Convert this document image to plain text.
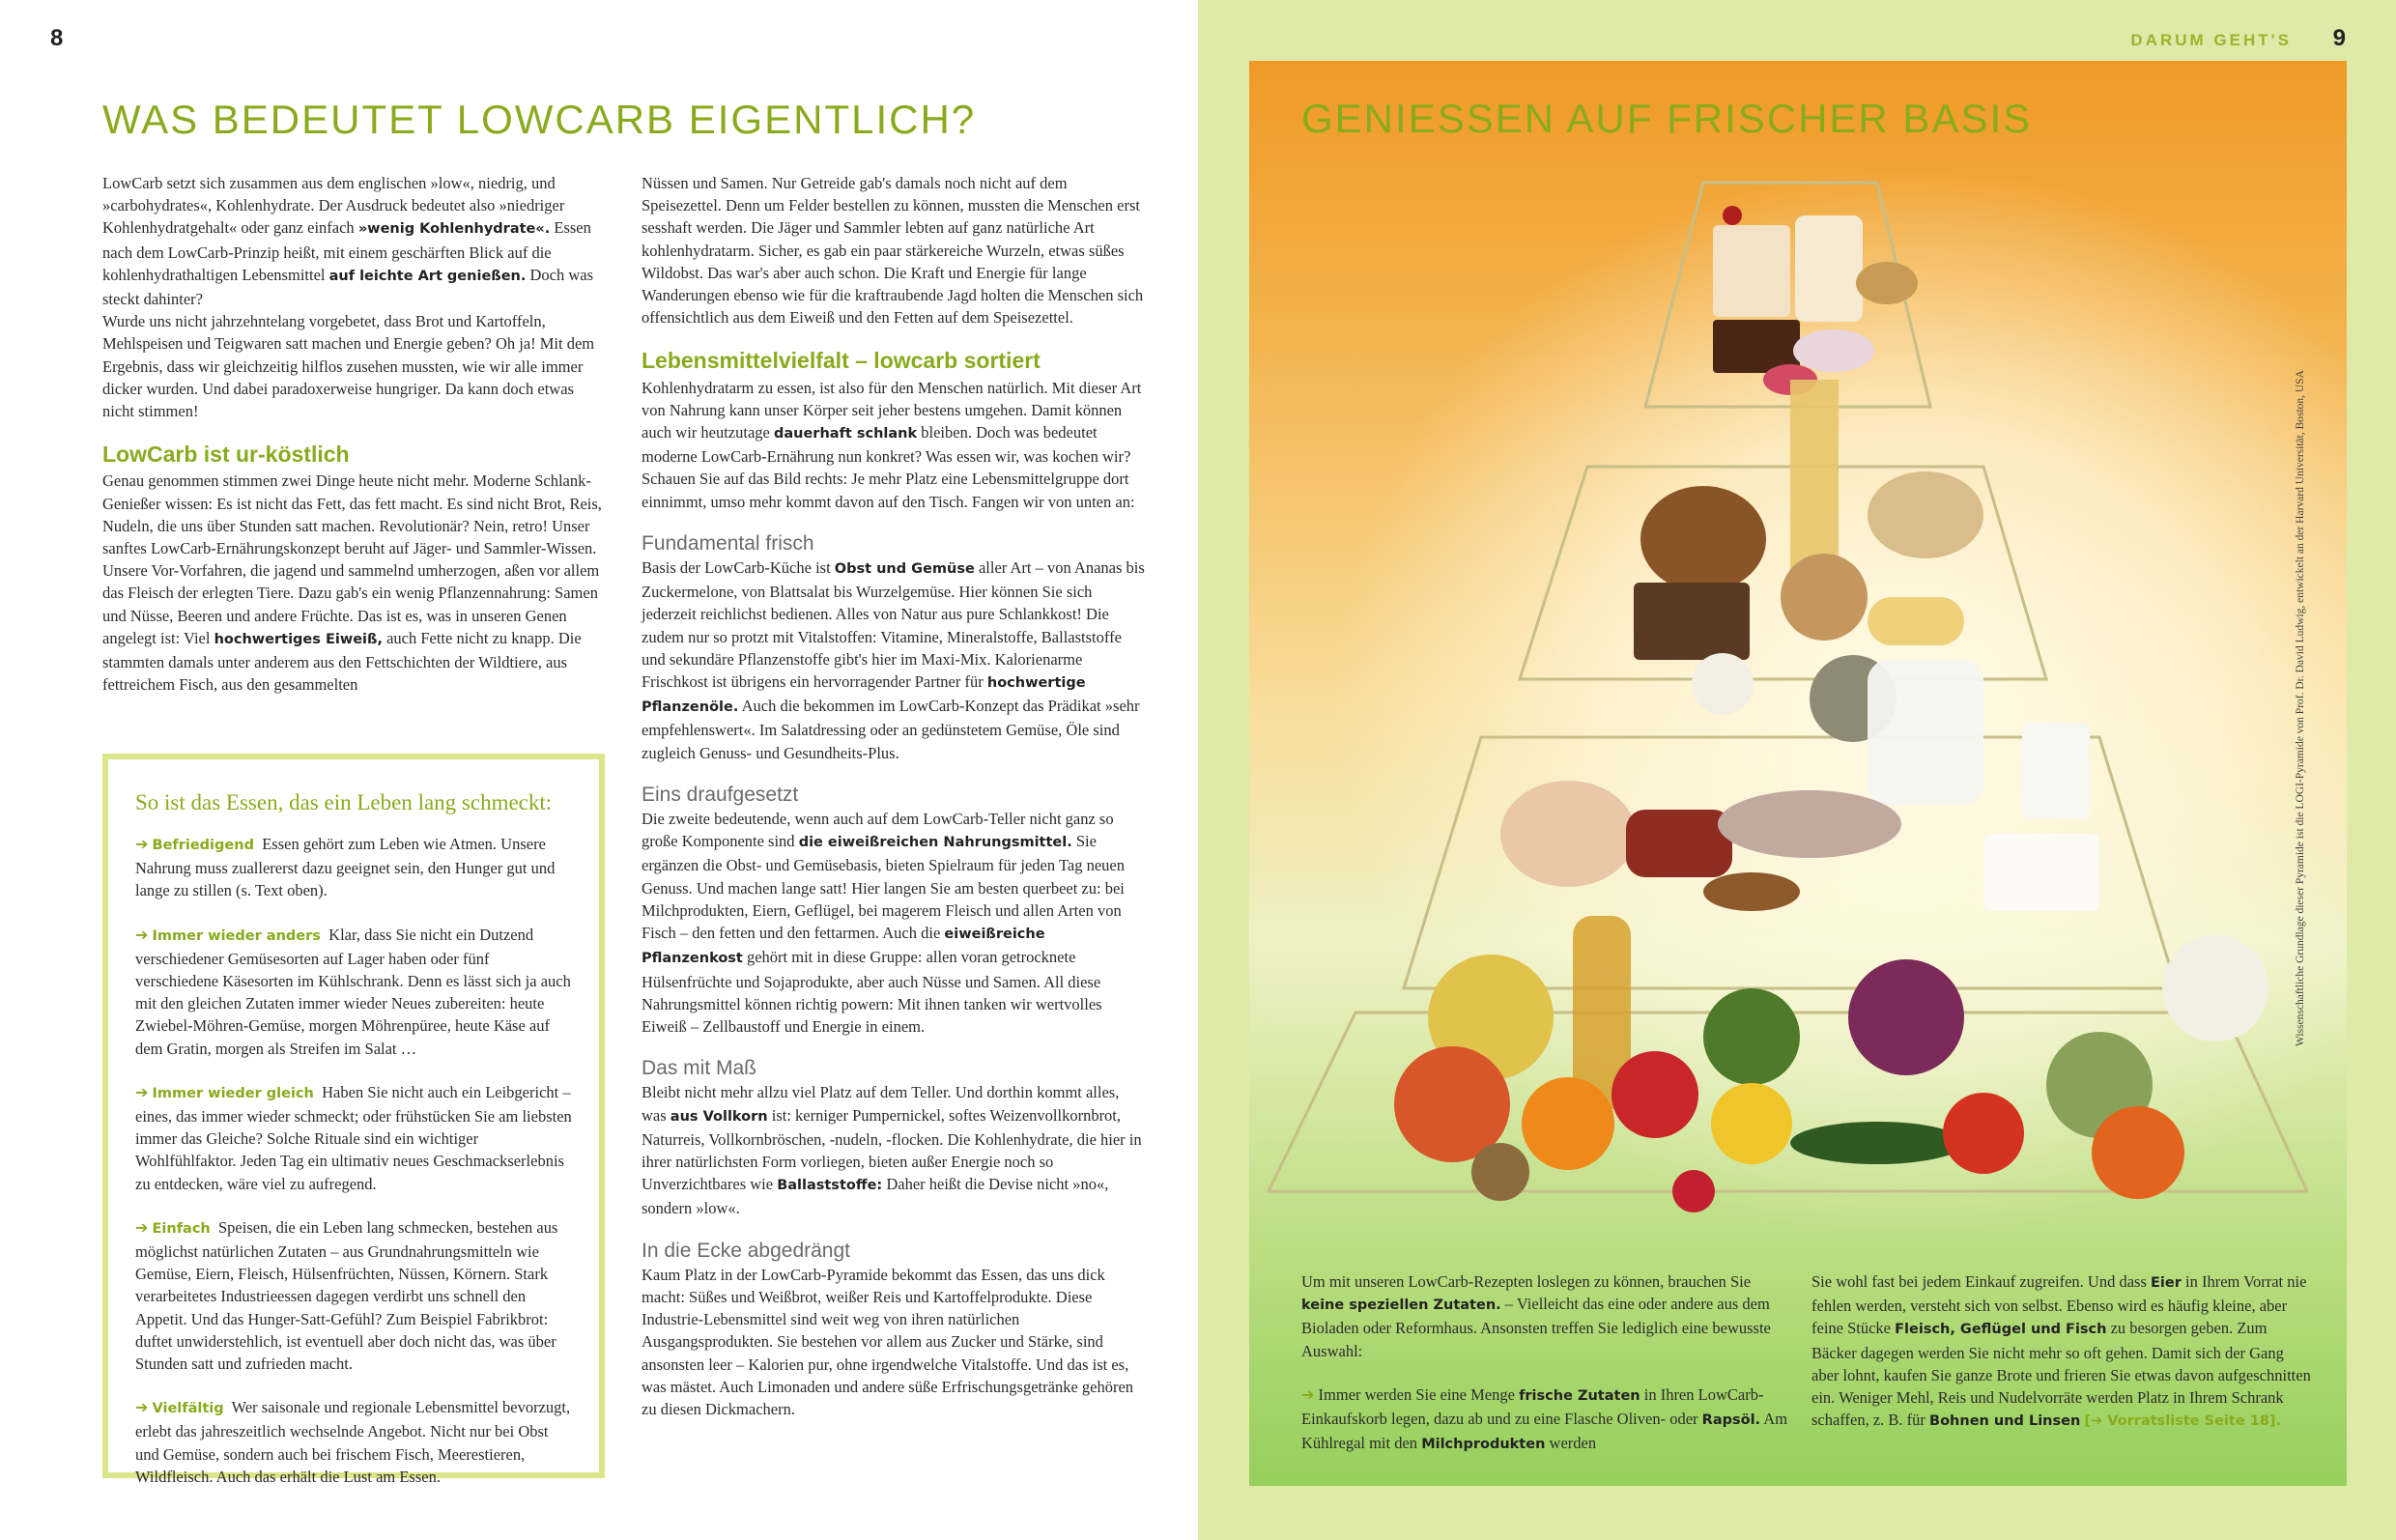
8
WAS BEDEUTET LOWCARB EIGENTLICH?

LowCarb setzt sich zusammen aus dem englischen »low«, niedrig, und »carbohydrates«, Kohlenhydrate. Der Ausdruck bedeutet also »niedriger Kohlenhydratgehalt« oder ganz einfach »wenig Kohlenhydrate«. Essen nach dem LowCarb-Prinzip heißt, mit einem geschärften Blick auf die kohlenhydrathaltigen Lebensmittel auf leichte Art genießen. Doch was steckt dahinter?

Wurde uns nicht jahrzehntelang vorgebetet, dass Brot und Kartoffeln, Mehlspeisen und Teigwaren satt machen und Energie geben? Oh ja! Mit dem Ergebnis, dass wir gleichzeitig hilflos zusehen mussten, wie wir alle immer dicker wurden. Und dabei paradoxerweise hungriger. Da kann doch etwas nicht stimmen!

LowCarb ist ur-köstlich

Genau genommen stimmen zwei Dinge heute nicht mehr. Moderne Schlank-Genießer wissen: Es ist nicht das Fett, das fett macht. Es sind nicht Brot, Reis, Nudeln, die uns über Stunden satt machen. Revolutionär? Nein, retro! Unser sanftes LowCarb-Ernährungskonzept beruht auf Jäger- und Sammler-Wissen.

Unsere Vor-Vorfahren, die jagend und sammelnd umherzogen, aßen vor allem das Fleisch der erlegten Tiere. Dazu gab's ein wenig Pflanzennahrung: Samen und Nüsse, Beeren und andere Früchte. Das ist es, was in unseren Genen angelegt ist: Viel hochwertiges Eiweiß, auch Fette nicht zu knapp. Die stammten damals unter anderem aus den Fettschichten der Wildtiere, aus fettreichem Fisch, aus den gesammelten

Nüssen und Samen. Nur Getreide gab's damals noch nicht auf dem Speisezettel. Denn um Felder bestellen zu können, mussten die Menschen erst sesshaft werden. Die Jäger und Sammler lebten auf ganz natürliche Art kohlenhydratarm. Sicher, es gab ein paar stärkereiche Wurzeln, etwas süßes Wildobst. Das war's aber auch schon. Die Kraft und Energie für lange Wanderungen ebenso wie für die kraftraubende Jagd holten die Menschen sich offensichtlich aus dem Eiweiß und den Fetten auf dem Speisezettel.

Lebensmittelvielfalt – lowcarb sortiert

Kohlenhydratarm zu essen, ist also für den Menschen natürlich. Mit dieser Art von Nahrung kann unser Körper seit jeher bestens umgehen. Damit können auch wir heutzutage dauerhaft schlank bleiben. Doch was bedeutet moderne LowCarb-Ernährung nun konkret? Was essen wir, was kochen wir? Schauen Sie auf das Bild rechts: Je mehr Platz eine Lebensmittelgruppe dort einnimmt, umso mehr kommt davon auf den Tisch. Fangen wir von unten an:

Fundamental frisch

Basis der LowCarb-Küche ist Obst und Gemüse aller Art – von Ananas bis Zuckermelone, von Blattsalat bis Wurzelgemüse. Hier können Sie sich jederzeit reichlichst bedienen. Alles von Natur aus pure Schlankkost! Die zudem nur so protzt mit Vitalstoffen: Vitamine, Mineralstoffe, Ballaststoffe und sekundäre Pflanzenstoffe gibt's hier im Maxi-Mix. Kalorienarme Frischkost ist übrigens ein hervorragender Partner für hochwertige Pflanzenöle. Auch die bekommen im LowCarb-Konzept das Prädikat »sehr empfehlenswert«. Im Salatdressing oder an gedünstetem Gemüse, Öle sind zugleich Genuss- und Gesundheits-Plus.

Eins draufgesetzt

Die zweite bedeutende, wenn auch auf dem LowCarb-Teller nicht ganz so große Komponente sind die eiweißreichen Nahrungsmittel. Sie ergänzen die Obst- und Gemüsebasis, bieten Spielraum für jeden Tag neuen Genuss. Und machen lange satt! Hier langen Sie am besten querbeet zu: bei Milchprodukten, Eiern, Geflügel, bei magerem Fleisch und allen Arten von Fisch – den fetten und den fettarmen. Auch die eiweißreiche Pflanzenkost gehört mit in diese Gruppe: allen voran getrocknete Hülsenfrüchte und Sojaprodukte, aber auch Nüsse und Samen. All diese Nahrungsmittel können richtig powern: Mit ihnen tanken wir wertvolles Eiweiß – Zellbaustoff und Energie in einem.

Das mit Maß

Bleibt nicht mehr allzu viel Platz auf dem Teller. Und dorthin kommt alles, was aus Vollkorn ist: kerniger Pumpernickel, softes Weizenvollkornbrot, Naturreis, Vollkornbröschen, -nudeln, -flocken. Die Kohlenhydrate, die hier in ihrer natürlichsten Form vorliegen, bieten außer Energie noch so Unverzichtbares wie Ballaststoffe: Daher heißt die Devise nicht »no«, sondern »low«.

In die Ecke abgedrängt

Kaum Platz in der LowCarb-Pyramide bekommt das Essen, das uns dick macht: Süßes und Weißbrot, weißer Reis und Kartoffelprodukte. Diese Industrie-Lebensmittel sind weit weg von ihren natürlichen Ausgangsprodukten. Sie bestehen vor allem aus Zucker und Stärke, sind ansonsten leer – Kalorien pur, ohne irgendwelche Vitalstoffe. Und das ist es, was mästet. Auch Limonaden und andere süße Erfrischungsgetränke gehören zu diesen Dickmachern.

So ist das Essen, das ein Leben lang schmeckt:
➔ Befriedigend Essen gehört zum Leben wie Atmen. Unsere Nahrung muss zuallererst dazu geeignet sein, den Hunger gut und lange zu stillen (s. Text oben).
➔ Immer wieder anders Klar, dass Sie nicht ein Dutzend verschiedener Gemüsesorten auf Lager haben oder fünf verschiedene Käsesorten im Kühlschrank. Denn es lässt sich ja auch mit den gleichen Zutaten immer wieder Neues zubereiten: heute Zwiebel-Möhren-Gemüse, morgen Möhrenpüree, heute Käse auf dem Gratin, morgen als Streifen im Salat …
➔ Immer wieder gleich Haben Sie nicht auch ein Leibgericht – eines, das immer wieder schmeckt; oder frühstücken Sie am liebsten immer das Gleiche? Solche Rituale sind ein wichtiger Wohlfühlfaktor. Jeden Tag ein ultimativ neues Geschmackserlebnis zu entdecken, wäre viel zu aufregend.
➔ Einfach Speisen, die ein Leben lang schmecken, bestehen aus möglichst natürlichen Zutaten – aus Grundnahrungsmitteln wie Gemüse, Eiern, Fleisch, Hülsenfrüchten, Nüssen, Körnern. Stark verarbeitetes Industrieessen dagegen verdirbt uns schnell den Appetit. Und das Hunger-Satt-Gefühl? Zum Beispiel Fabrikbrot: duftet unwiderstehlich, ist eventuell aber doch nicht das, was über Stunden satt und zufrieden macht.
➔ Vielfältig Wer saisonale und regionale Lebensmittel bevorzugt, erlebt das jahreszeitlich wechselnde Angebot. Nicht nur bei Obst und Gemüse, sondern auch bei frischem Fisch, Meerestieren, Wildfleisch. Auch das erhält die Lust am Essen.
DARUM GEHT'S 9
GENIESSEN AUF FRISCHER BASIS
Wissenschaftliche Grundlage dieser Pyramide ist die LOGI-Pyramide von Prof. Dr. David Ludwig, entwickelt an der Harvard Universität, Boston, USA

Um mit unseren LowCarb-Rezepten loslegen zu können, brauchen Sie keine speziellen Zutaten. – Vielleicht das eine oder andere aus dem Bioladen oder Reformhaus. Ansonsten treffen Sie lediglich eine bewusste Auswahl:

➔ Immer werden Sie eine Menge frische Zutaten in Ihren LowCarb-Einkaufskorb legen, dazu ab und zu eine Flasche Oliven- oder Rapsöl. Am Kühlregal mit den Milchprodukten werden

Sie wohl fast bei jedem Einkauf zugreifen. Und dass Eier in Ihrem Vorrat nie fehlen werden, versteht sich von selbst. Ebenso wird es häufig kleine, aber feine Stücke Fleisch, Geflügel und Fisch zu besorgen geben. Zum Bäcker dagegen werden Sie nicht mehr so oft gehen. Damit sich der Gang aber lohnt, kaufen Sie ganze Brote und frieren Sie etwas davon aufgeschnitten ein. Weniger Mehl, Reis und Nudelvorräte werden Platz in Ihrem Schrank schaffen, z. B. für Bohnen und Linsen [➔ Vorratsliste Seite 18].
